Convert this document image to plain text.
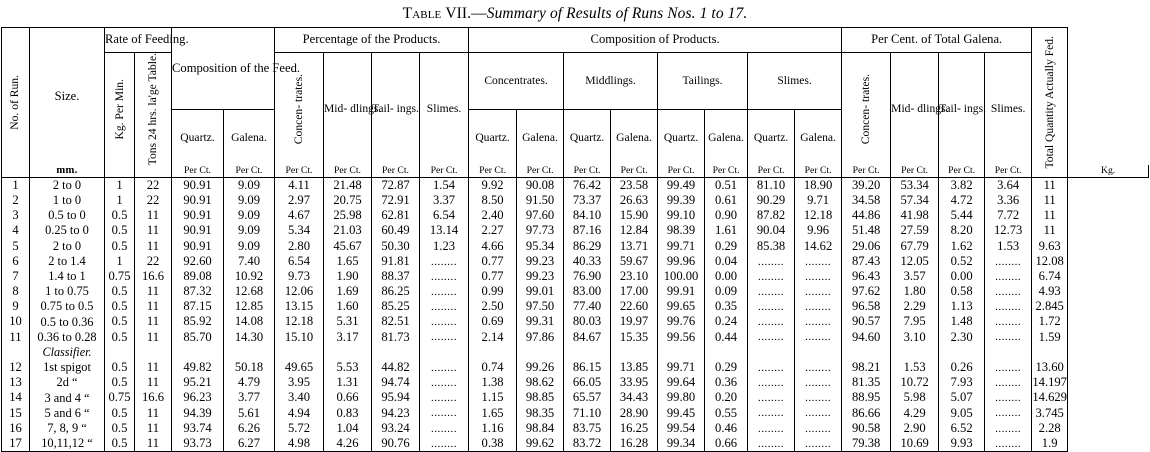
Table VII.—Summary of Results of Runs Nos. 1 to 17.
No. of Run.	Size.	Rate of Feeding.		Composition of the Feed.		Percentage of the Products.				Composition of Products.								Per Cent. of Total Galena.				Total Quantity Actually Fed.	

		Kg. Per Min.	Tons 24 hrs. la'ge Table.			Concen- trates.	Mid- dlings.	Tail- ings.	Slimes.	Concentrates.		Middlings.		Tailings.		Slimes.		Concen- trates.	Mid- dlings.	Tail- ings.	Slimes.		
				Quartz.	Galena.					Quartz.	Galena.	Quartz.	Galena.	Quartz.	Galena.	Quartz.	Galena.						
	mm.			Per Ct.	Per Ct.	Per Ct.	Per Ct.	Per Ct.	Per Ct.	Per Ct.	Per Ct.	Per Ct.	Per Ct.	Per Ct.	Per Ct.	Per Ct.	Per Ct.	Per Ct.	Per Ct.	Per Ct.	Per Ct.		Kg.
1	2 to 0	1	22	90.91	9.09	4.11	21.48	72.87	1.54	9.92	90.08	76.42	23.58	99.49	0.51	81.10	18.90	39.20	53.34	3.82	3.64	11	
2	1 to 0	1	22	90.91	9.09	2.97	20.75	72.91	3.37	8.50	91.50	73.37	26.63	99.39	0.61	90.29	9.71	34.58	57.34	4.72	3.36	11	
3	0.5 to 0	0.5	11	90.91	9.09	4.67	25.98	62.81	6.54	2.40	97.60	84.10	15.90	99.10	0.90	87.82	12.18	44.86	41.98	5.44	7.72	11	
4	0.25 to 0	0.5	11	90.91	9.09	5.34	21.03	60.49	13.14	2.27	97.73	87.16	12.84	98.39	1.61	90.04	9.96	51.48	27.59	8.20	12.73	11	
5	2 to 0	0.5	11	90.91	9.09	2.80	45.67	50.30	1.23	4.66	95.34	86.29	13.71	99.71	0.29	85.38	14.62	29.06	67.79	1.62	1.53	9.63	
6	2 to 1.4	1	22	92.60	7.40	6.54	1.65	91.81	........	0.77	99.23	40.33	59.67	99.96	0.04	........	........	87.43	12.05	0.52	........	12.08	
7	1.4 to 1	0.75	16.6	89.08	10.92	9.73	1.90	88.37	........	0.77	99.23	76.90	23.10	100.00	0.00	........	........	96.43	3.57	0.00	........	6.74	
8	1 to 0.75	0.5	11	87.32	12.68	12.06	1.69	86.25	........	0.99	99.01	83.00	17.00	99.91	0.09	........	........	97.62	1.80	0.58	........	4.93	
9	0.75 to 0.5	0.5	11	87.15	12.85	13.15	1.60	85.25	........	2.50	97.50	77.40	22.60	99.65	0.35	........	........	96.58	2.29	1.13	........	2.845	
10	0.5 to 0.36	0.5	11	85.92	14.08	12.18	5.31	82.51	........	0.69	99.31	80.03	19.97	99.76	0.24	........	........	90.57	7.95	1.48	........	1.72	
11	0.36 to 0.28	0.5	11	85.70	14.30	15.10	3.17	81.73	........	2.14	97.86	84.67	15.35	99.56	0.44	........	........	94.60	3.10	2.30	........	1.59	
	Classifier.																						
12	1st spigot	0.5	11	49.82	50.18	49.65	5.53	44.82	........	0.74	99.26	86.15	13.85	99.71	0.29	........	........	98.21	1.53	0.26	........	13.60	
13	2d “	0.5	11	95.21	4.79	3.95	1.31	94.74	........	1.38	98.62	66.05	33.95	99.64	0.36	........	........	81.35	10.72	7.93	........	14.197	
14	3 and 4 “	0.75	16.6	96.23	3.77	3.40	0.66	95.94	........	1.15	98.85	65.57	34.43	99.80	0.20	........	........	88.95	5.98	5.07	........	14.629	
15	5 and 6 “	0.5	11	94.39	5.61	4.94	0.83	94.23	........	1.65	98.35	71.10	28.90	99.45	0.55	........	........	86.66	4.29	9.05	........	3.745	
16	7, 8, 9 “	0.5	11	93.74	6.26	5.72	1.04	93.24	........	1.16	98.84	83.75	16.25	99.54	0.46	........	........	90.58	2.90	6.52	........	2.28	
17	10,11,12 “	0.5	11	93.73	6.27	4.98	4.26	90.76	........	0.38	99.62	83.72	16.28	99.34	0.66	........	........	79.38	10.69	9.93	........	1.9	
